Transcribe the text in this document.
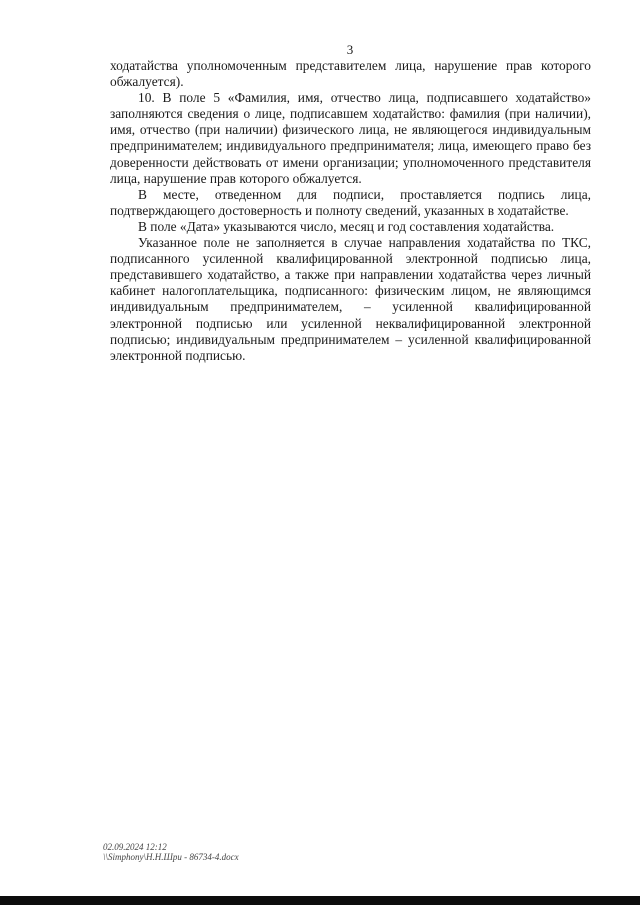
3

ходатайства уполномоченным представителем лица, нарушение прав которого обжалуется).

10. В поле 5 «Фамилия, имя, отчество лица, подписавшего ходатайство» заполняются сведения о лице, подписавшем ходатайство: фамилия (при наличии), имя, отчество (при наличии) физического лица, не являющегося индивидуальным предпринимателем; индивидуального предпринимателя; лица, имеющего право без доверенности действовать от имени организации; уполномоченного представителя лица, нарушение прав которого обжалуется.

В месте, отведенном для подписи, проставляется подпись лица, подтверждающего достоверность и полноту сведений, указанных в ходатайстве.

В поле «Дата» указываются число, месяц и год составления ходатайства.

Указанное поле не заполняется в случае направления ходатайства по ТКС, подписанного усиленной квалифицированной электронной подписью лица, представившего ходатайство, а также при направлении ходатайства через личный кабинет налогоплательщика, подписанного: физическим лицом, не являющимся индивидуальным предпринимателем, – усиленной квалифицированной электронной подписью или усиленной неквалифицированной электронной подписью; индивидуальным предпринимателем – усиленной квалифицированной электронной подписью.

02.09.2024 12:12
\\Simphony\Н.Н.Шри - 86734-4.docx
